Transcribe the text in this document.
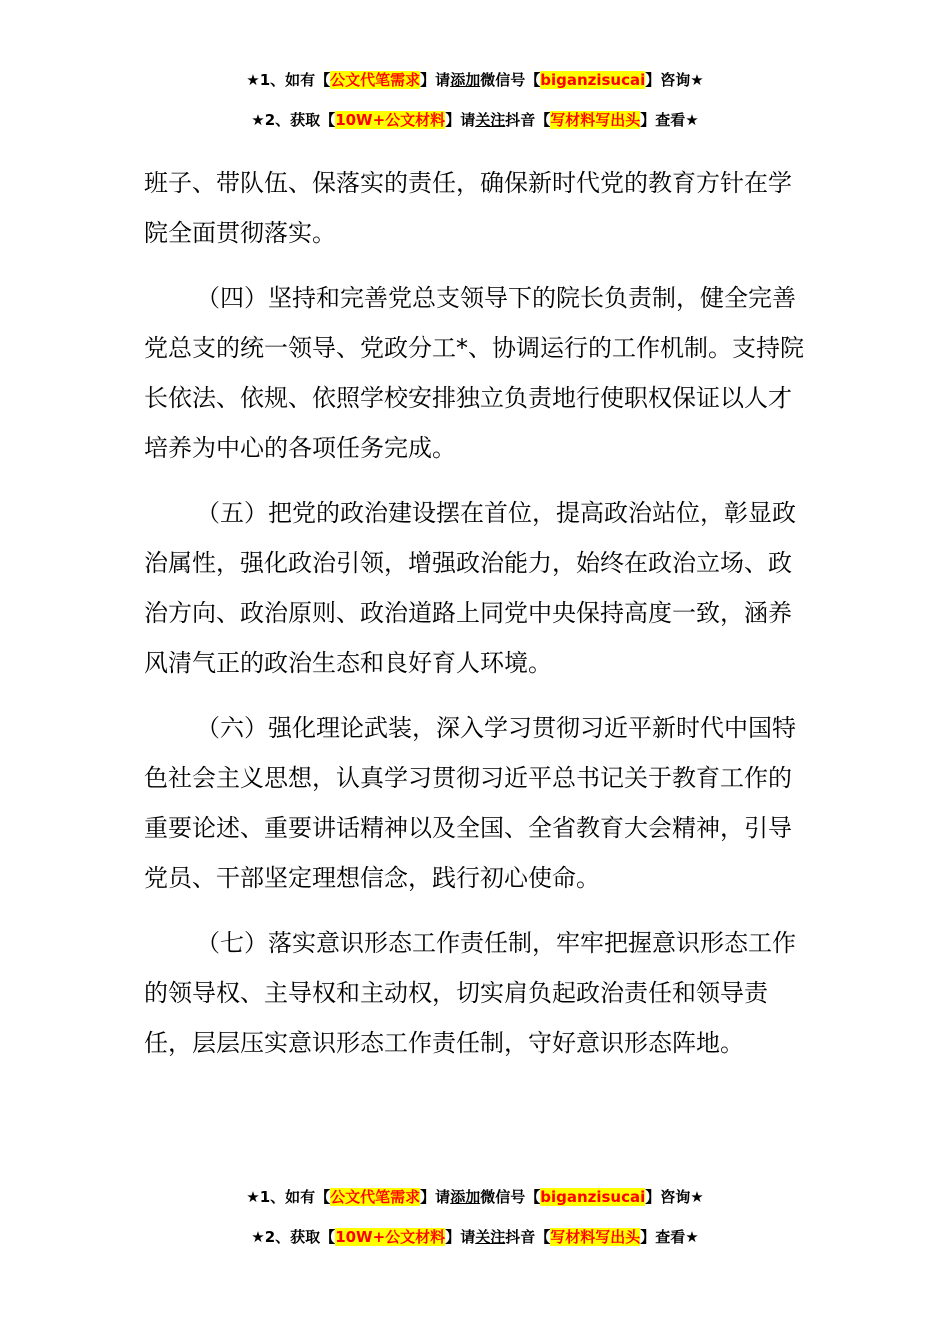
★1、如有【公文代笔需求】请添加微信号【biganzisucai】咨询★
★2、获取【10W+公文材料】请关注抖音【写材料写出头】查看★

班子、带队伍、保落实的责任，确保新时代党的教育方针在学院全面贯彻落实。

（四）坚持和完善党总支领导下的院长负责制，健全完善党总支的统一领导、党政分工*、协调运行的工作机制。支持院长依法、依规、依照学校安排独立负责地行使职权保证以人才培养为中心的各项任务完成。

（五）把党的政治建设摆在首位，提高政治站位，彰显政治属性，强化政治引领，增强政治能力，始终在政治立场、政治方向、政治原则、政治道路上同党中央保持高度一致，涵养风清气正的政治生态和良好育人环境。

（六）强化理论武装，深入学习贯彻习近平新时代中国特色社会主义思想，认真学习贯彻习近平总书记关于教育工作的重要论述、重要讲话精神以及全国、全省教育大会精神，引导党员、干部坚定理想信念，践行初心使命。

（七）落实意识形态工作责任制，牢牢把握意识形态工作的领导权、主导权和主动权，切实肩负起政治责任和领导责任，层层压实意识形态工作责任制，守好意识形态阵地。

★1、如有【公文代笔需求】请添加微信号【biganzisucai】咨询★
★2、获取【10W+公文材料】请关注抖音【写材料写出头】查看★
